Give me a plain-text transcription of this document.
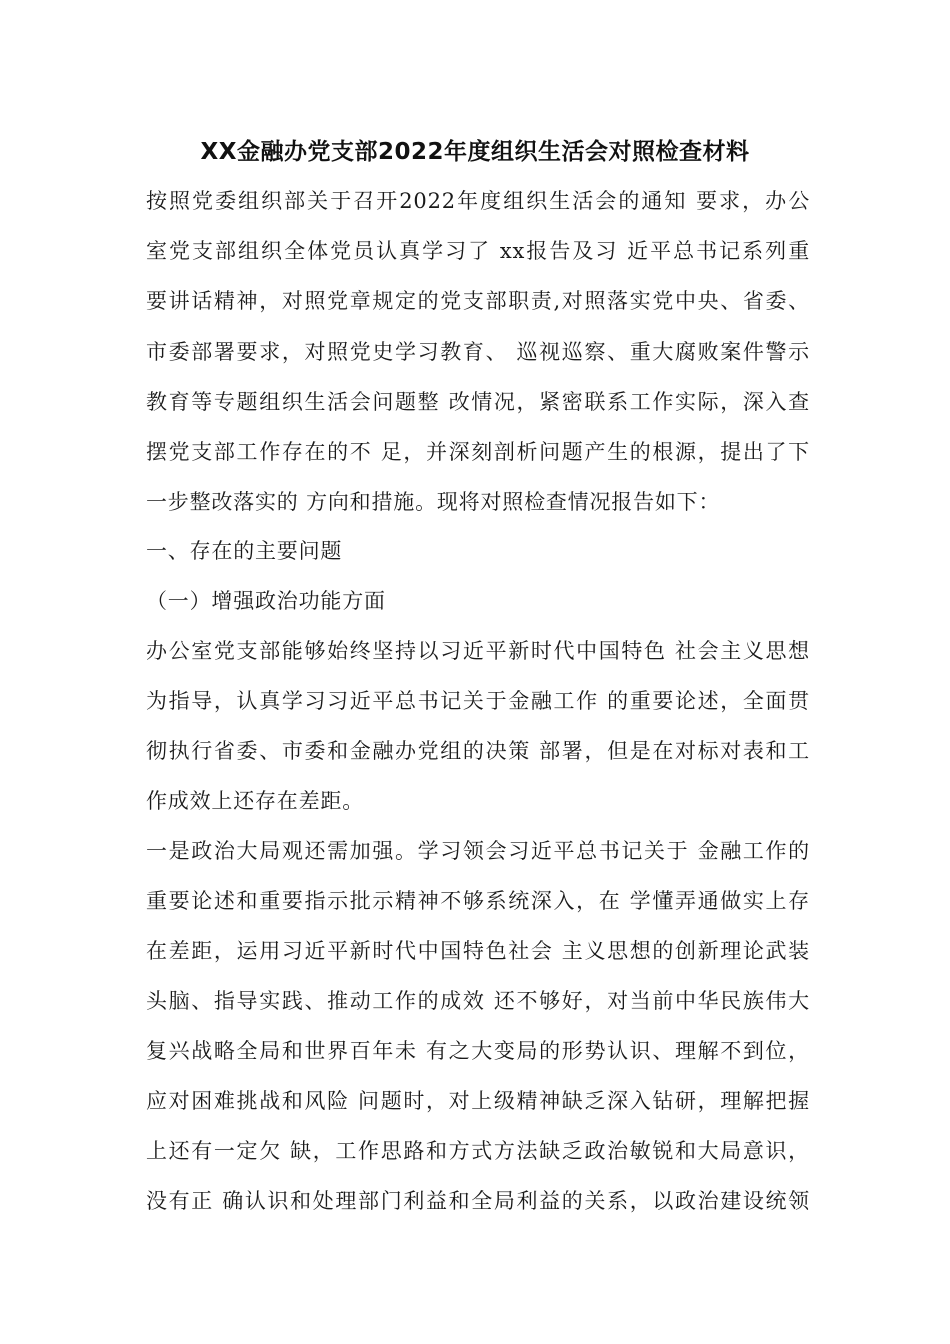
XX金融办党支部2022年度组织生活会对照检查材料
按照党委组织部关于召开2022年度组织生活会的通知 要求，办公
室党支部组织全体党员认真学习了 xx报告及习 近平总书记系列重
要讲话精神，对照党章规定的党支部职责,对照落实党中央、省委、
市委部署要求，对照党史学习教育、 巡视巡察、重大腐败案件警示
教育等专题组织生活会问题整 改情况，紧密联系工作实际，深入查
摆党支部工作存在的不 足，并深刻剖析问题产生的根源，提出了下
一步整改落实的 方向和措施。现将对照检查情况报告如下：
一、存在的主要问题
（一）增强政治功能方面
办公室党支部能够始终坚持以习近平新时代中国特色 社会主义思想
为指导，认真学习习近平总书记关于金融工作 的重要论述，全面贯
彻执行省委、市委和金融办党组的决策 部署，但是在对标对表和工
作成效上还存在差距。
一是政治大局观还需加强。学习领会习近平总书记关于 金融工作的
重要论述和重要指示批示精神不够系统深入，在 学懂弄通做实上存
在差距，运用习近平新时代中国特色社会 主义思想的创新理论武装
头脑、指导实践、推动工作的成效 还不够好，对当前中华民族伟大
复兴战略全局和世界百年未 有之大变局的形势认识、理解不到位，
应对困难挑战和风险 问题时，对上级精神缺乏深入钻研，理解把握
上还有一定欠 缺，工作思路和方式方法缺乏政治敏锐和大局意识，
没有正 确认识和处理部门利益和全局利益的关系，以政治建设统领
